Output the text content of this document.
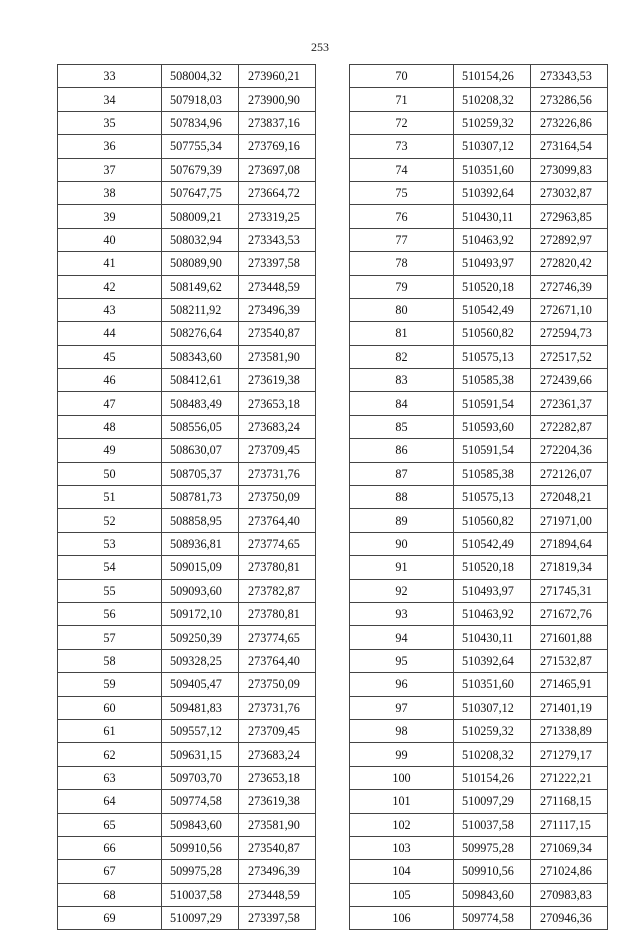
253
33	508004,32	273960,21
34	507918,03	273900,90
35	507834,96	273837,16
36	507755,34	273769,16
37	507679,39	273697,08
38	507647,75	273664,72
39	508009,21	273319,25
40	508032,94	273343,53
41	508089,90	273397,58
42	508149,62	273448,59
43	508211,92	273496,39
44	508276,64	273540,87
45	508343,60	273581,90
46	508412,61	273619,38
47	508483,49	273653,18
48	508556,05	273683,24
49	508630,07	273709,45
50	508705,37	273731,76
51	508781,73	273750,09
52	508858,95	273764,40
53	508936,81	273774,65
54	509015,09	273780,81
55	509093,60	273782,87
56	509172,10	273780,81
57	509250,39	273774,65
58	509328,25	273764,40
59	509405,47	273750,09
60	509481,83	273731,76
61	509557,12	273709,45
62	509631,15	273683,24
63	509703,70	273653,18
64	509774,58	273619,38
65	509843,60	273581,90
66	509910,56	273540,87
67	509975,28	273496,39
68	510037,58	273448,59
69	510097,29	273397,58
70	510154,26	273343,53
71	510208,32	273286,56
72	510259,32	273226,86
73	510307,12	273164,54
74	510351,60	273099,83
75	510392,64	273032,87
76	510430,11	272963,85
77	510463,92	272892,97
78	510493,97	272820,42
79	510520,18	272746,39
80	510542,49	272671,10
81	510560,82	272594,73
82	510575,13	272517,52
83	510585,38	272439,66
84	510591,54	272361,37
85	510593,60	272282,87
86	510591,54	272204,36
87	510585,38	272126,07
88	510575,13	272048,21
89	510560,82	271971,00
90	510542,49	271894,64
91	510520,18	271819,34
92	510493,97	271745,31
93	510463,92	271672,76
94	510430,11	271601,88
95	510392,64	271532,87
96	510351,60	271465,91
97	510307,12	271401,19
98	510259,32	271338,89
99	510208,32	271279,17
100	510154,26	271222,21
101	510097,29	271168,15
102	510037,58	271117,15
103	509975,28	271069,34
104	509910,56	271024,86
105	509843,60	270983,83
106	509774,58	270946,36
